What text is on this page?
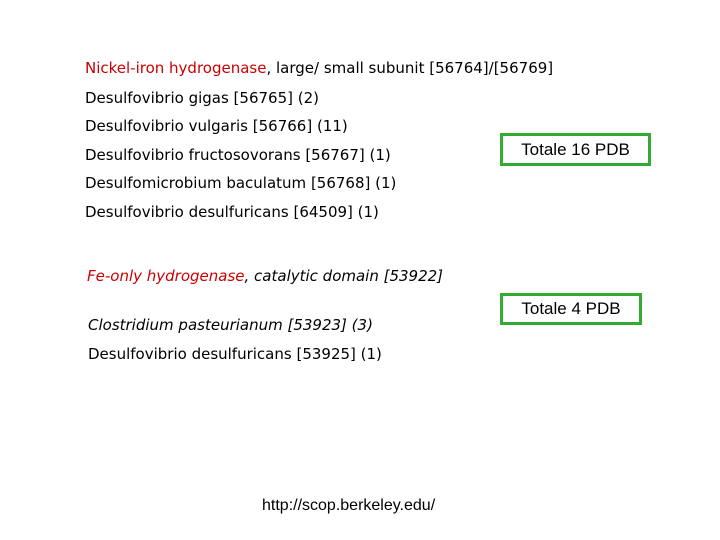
Nickel-iron hydrogenase, large/ small subunit [56764]/[56769]
Desulfovibrio gigas [56765] (2)
Desulfovibrio vulgaris [56766] (11)
Desulfovibrio fructosovorans [56767] (1)
Desulfomicrobium baculatum [56768] (1)
Desulfovibrio desulfuricans [64509] (1)
Totale 16 PDB
Fe-only hydrogenase, catalytic domain [53922]
Clostridium pasteurianum [53923] (3)
Desulfovibrio desulfuricans [53925] (1)
Totale 4 PDB
http://scop.berkeley.edu/
